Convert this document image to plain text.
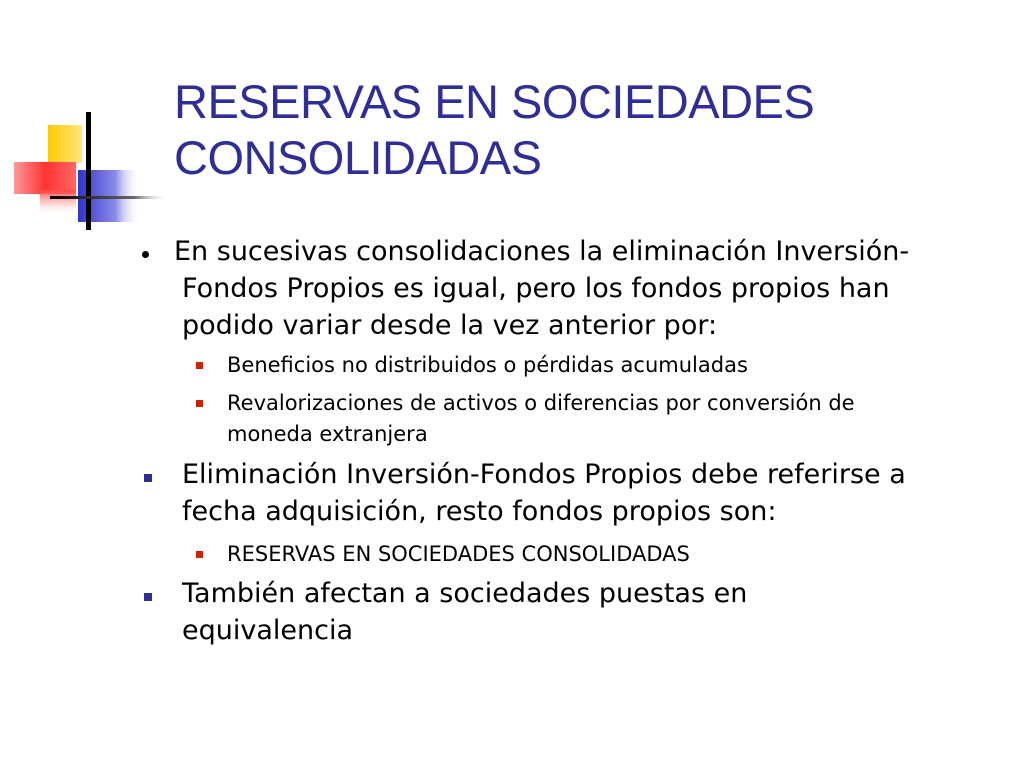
RESERVAS EN SOCIEDADES
CONSOLIDADAS
En sucesivas consolidaciones la eliminación Inversión-
Fondos Propios es igual, pero los fondos propios han
podido variar desde la vez anterior por:
Beneficios no distribuidos o pérdidas acumuladas
Revalorizaciones de activos o diferencias por conversión de
moneda extranjera
Eliminación Inversión-Fondos Propios debe referirse a
fecha adquisición, resto fondos propios son:
RESERVAS EN SOCIEDADES CONSOLIDADAS
También afectan a sociedades puestas en
equivalencia
